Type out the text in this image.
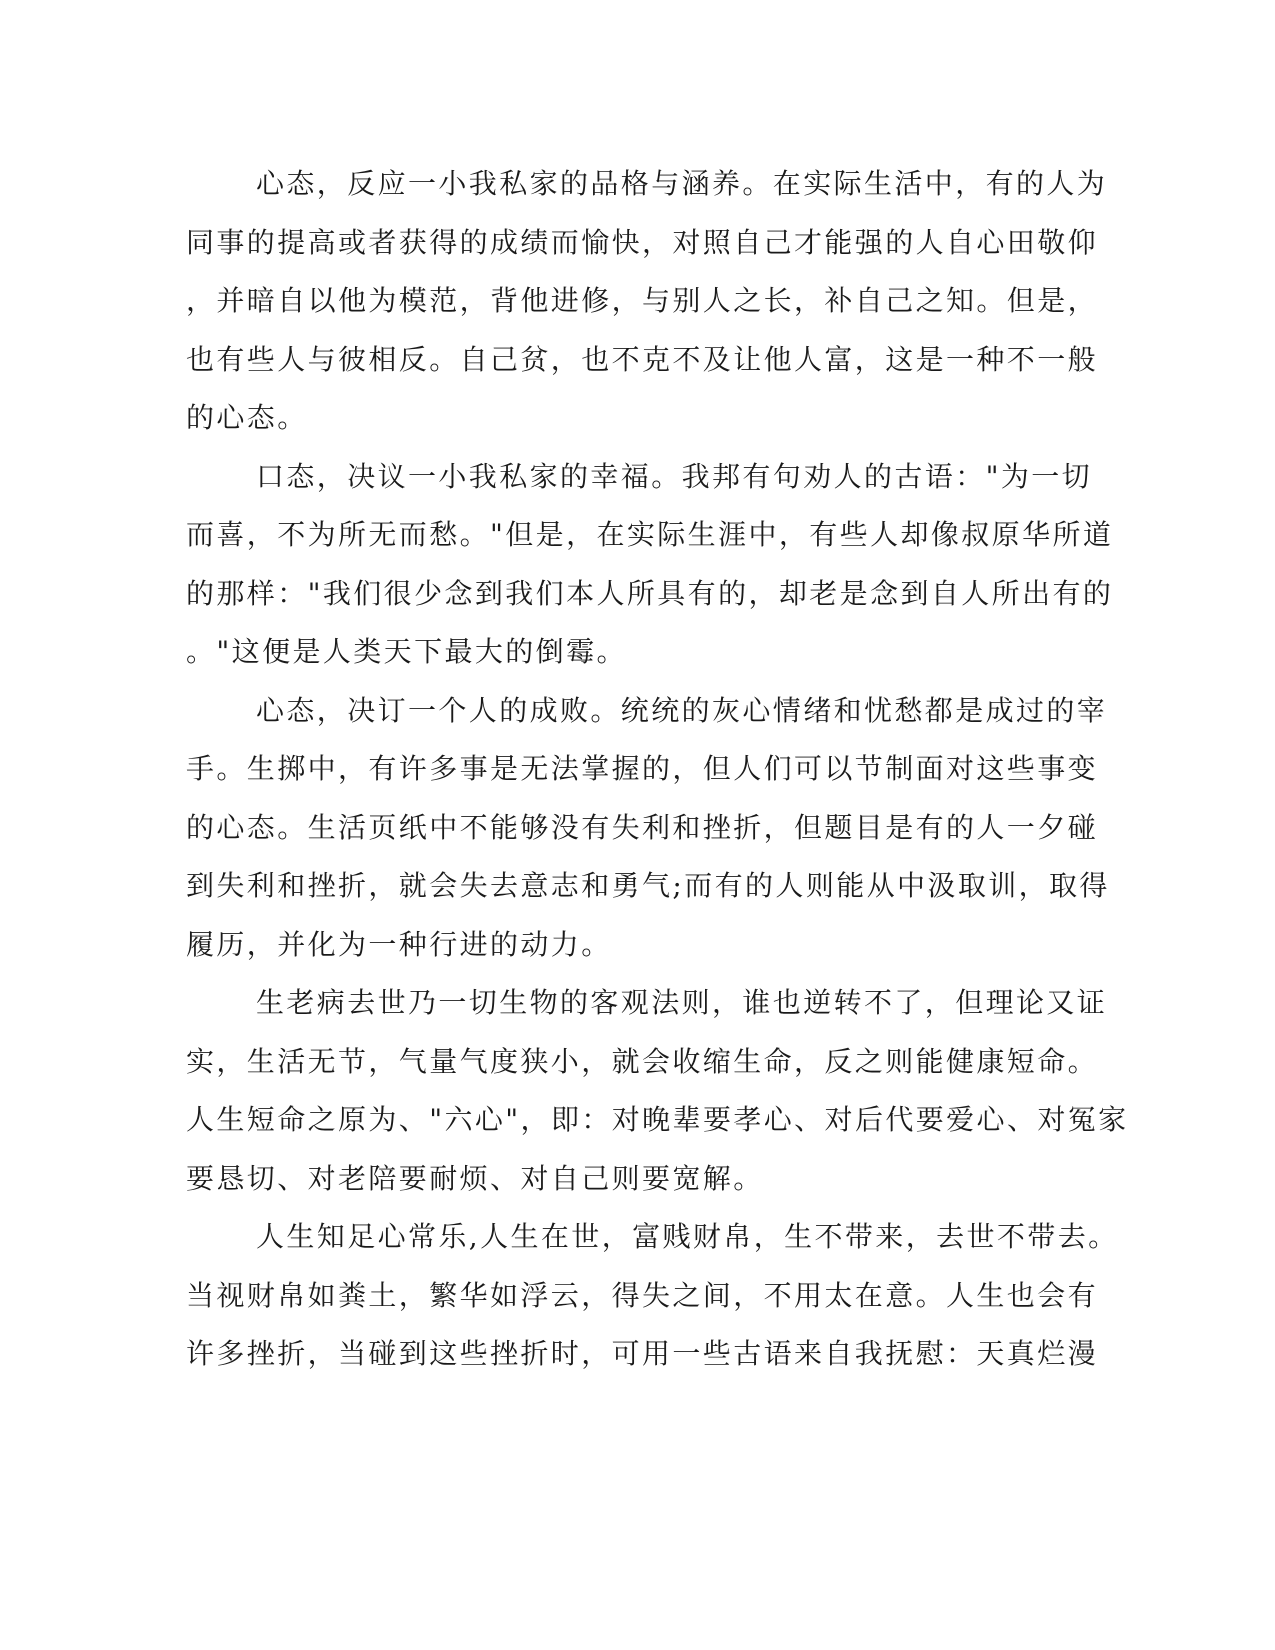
心态，反应一小我私家的品格与涵养。在实际生活中，有的人为
同事的提高或者获得的成绩而愉快，对照自己才能强的人自心田敬仰
，并暗自以他为模范，背他进修，与别人之长，补自己之知。但是，
也有些人与彼相反。自己贫，也不克不及让他人富，这是一种不一般
的心态。
口态，决议一小我私家的幸福。我邦有句劝人的古语："为一切
而喜，不为所无而愁。"但是，在实际生涯中，有些人却像叔原华所道
的那样："我们很少念到我们本人所具有的，却老是念到自人所出有的
。"这便是人类天下最大的倒霉。
心态，决订一个人的成败。统统的灰心情绪和忧愁都是成过的宰
手。生掷中，有许多事是无法掌握的，但人们可以节制面对这些事变
的心态。生活页纸中不能够没有失利和挫折，但题目是有的人一夕碰
到失利和挫折，就会失去意志和勇气;而有的人则能从中汲取训，取得
履历，并化为一种行进的动力。
生老病去世乃一切生物的客观法则，谁也逆转不了，但理论又证
实，生活无节，气量气度狭小，就会收缩生命，反之则能健康短命。
人生短命之原为、"六心"，即：对晚辈要孝心、对后代要爱心、对冤家
要恳切、对老陪要耐烦、对自己则要宽解。
人生知足心常乐,人生在世，富贱财帛，生不带来，去世不带去。
当视财帛如粪土，繁华如浮云，得失之间，不用太在意。人生也会有
许多挫折，当碰到这些挫折时，可用一些古语来自我抚慰：天真烂漫
